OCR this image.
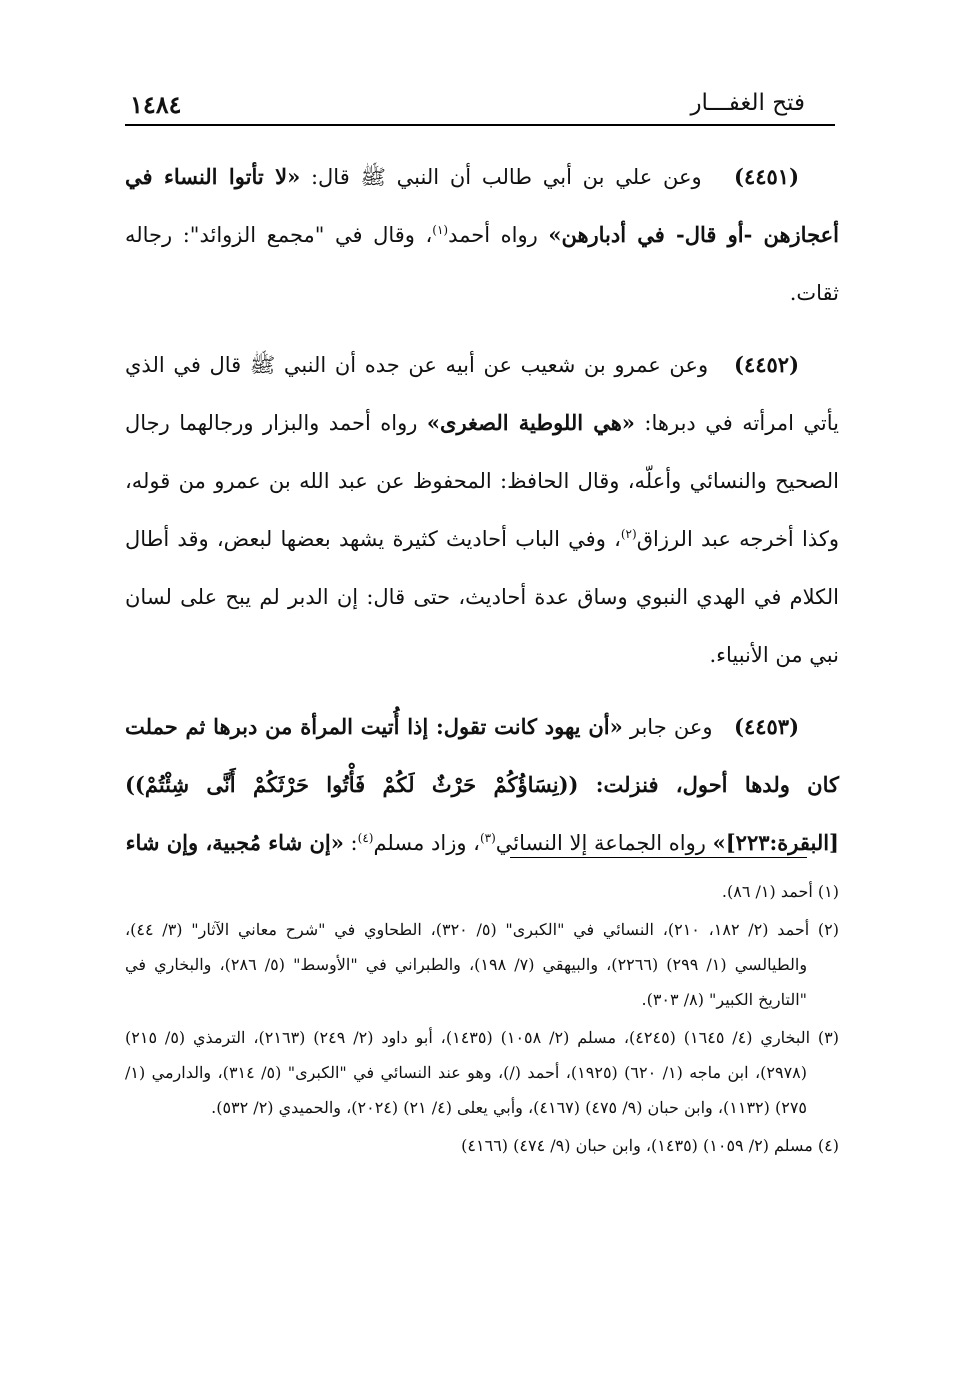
فتح الغفـــار
١٤٨٤

(٤٤٥١)   وعن علي بن أبي طالب أن النبي ﷺ قال: «لا تأتوا النساء في أعجازهن -أو قال- في أدبارهن» رواه أحمد$^{(١)}$، وقال في "مجمع الزوائد": رجاله ثقات.

(٤٤٥٢)   وعن عمرو بن شعيب عن أبيه عن جده أن النبي ﷺ قال في الذي يأتي امرأته في دبرها: «هي اللوطية الصغرى» رواه أحمد والبزار ورجالهما رجال الصحيح والنسائي وأعلّه، وقال الحافظ: المحفوظ عن عبد الله بن عمرو من قوله، وكذا أخرجه عبد الرزاق$^{(٢)}$، وفي الباب أحاديث كثيرة يشهد بعضها لبعض، وقد أطال الكلام في الهدي النبوي وساق عدة أحاديث، حتى قال: إن الدبر لم يبح على لسان نبي من الأنبياء.

(٤٤٥٣)   وعن جابر «أن يهود كانت تقول: إذا أُتيت المرأة من دبرها ثم حملت كان ولدها أحول، فنزلت: ((نِسَاؤُكُمْ حَرْثٌ لَكُمْ فَأْتُوا حَرْثَكُمْ أَنَّى شِئْتُمْ)) [البقرة:٢٢٣]» رواه الجماعة إلا النسائي$^{(٣)}$، وزاد مسلم$^{(٤)}$: «إن شاء مُجبية، وإن شاء

(١) أحمد (١/ ٨٦).

(٢) أحمد (٢/ ١٨٢، ٢١٠)، النسائي في "الكبرى" (٥/ ٣٢٠)، الطحاوي في "شرح معاني الآثار" (٣/ ٤٤)، والطيالسي (١/ ٢٩٩) (٢٢٦٦)، والبيهقي (٧/ ١٩٨)، والطبراني في "الأوسط" (٥/ ٢٨٦)، والبخاري في "التاريخ الكبير" (٨/ ٣٠٣).

(٣) البخاري (٤/ ١٦٤٥) (٤٢٤٥)، مسلم (٢/ ١٠٥٨) (١٤٣٥)، أبو داود (٢/ ٢٤٩) (٢١٦٣)، الترمذي (٥/ ٢١٥) (٢٩٧٨)، ابن ماجه (١/ ٦٢٠) (١٩٢٥)، أحمد (/)، وهو عند النسائي في "الكبرى" (٥/ ٣١٤)، والدارمي (١/ ٢٧٥) (١١٣٢)، وابن حبان (٩/ ٤٧٥) (٤١٦٧)، وأبي يعلى (٤/ ٢١) (٢٠٢٤)، والحميدي (٢/ ٥٣٢).

(٤) مسلم (٢/ ١٠٥٩) (١٤٣٥)، وابن حبان (٩/ ٤٧٤) (٤١٦٦)
